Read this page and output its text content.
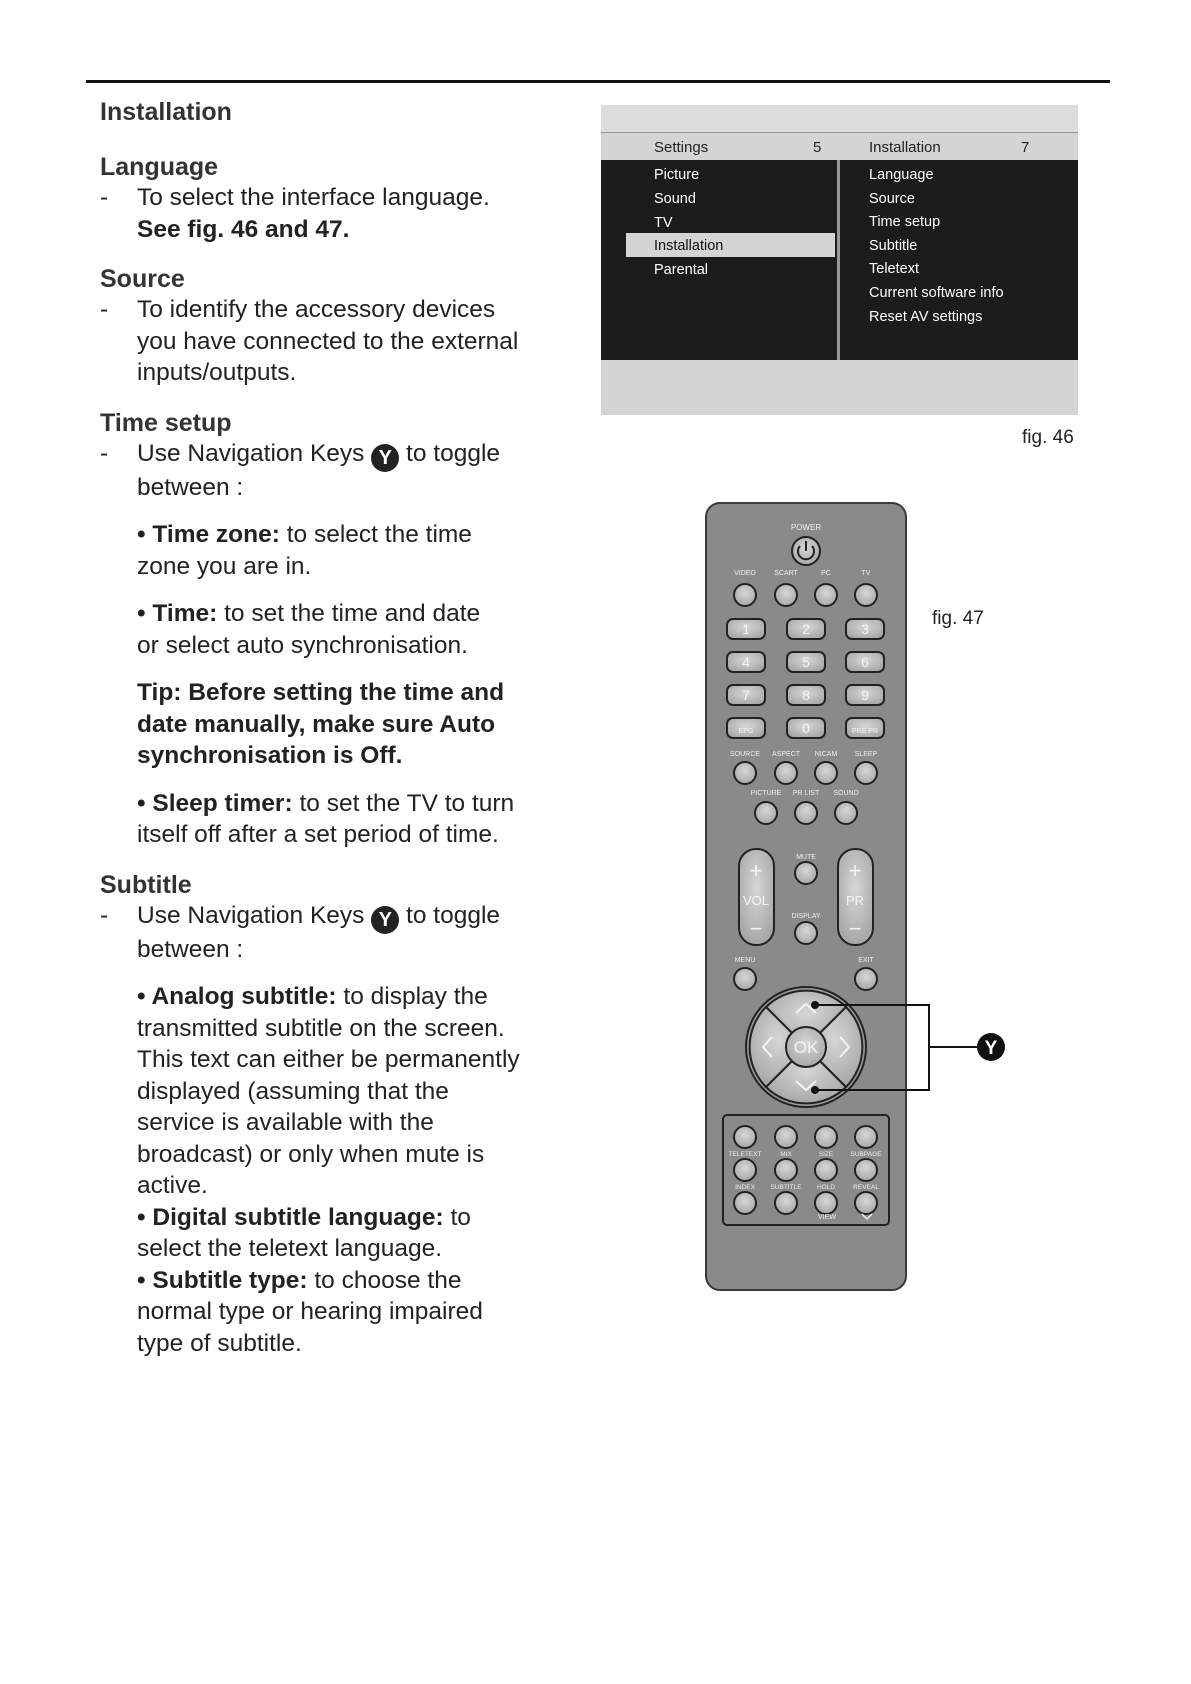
Installation
Language
- To select the interface language.
See fig. 46 and 47.
Source
- To identify the accessory devices
you have connected to the external
inputs/outputs.
Time setup
- Use Navigation Keys Y to toggle
between :
• Time zone: to select the time
zone you are in.
• Time: to set the time and date
or select auto synchronisation.
Tip: Before setting the time and
date manually, make sure Auto
synchronisation is Off.
• Sleep timer: to set the TV to turn
itself off after a set period of time.
Subtitle
- Use Navigation Keys Y to toggle
between :
• Analog subtitle: to display the
transmitted subtitle on the screen.
This text can either be permanently
displayed (assuming that the
service is available with the
broadcast) or only when mute is
active.
• Digital subtitle language: to
select the teletext language.
• Subtitle type: to choose the
normal type or hearing impaired
type of subtitle.
Settings	5	Installation	7
Picture
Sound
TV
Installation
Parental
Language
Source
Time setup
Subtitle
Teletext
Current software info
Reset AV settings
fig. 46
fig. 47
POWER
VIDEO	SCART	PC	TV
1	2	3
4	5	6
7	8	9
EPG	0	PRE PR
SOURCE ASPECT NICAM SLEEP
PICTURE PR LIST SOUND
+
VOL
−
+
PR
−
MUTE
DISPLAY
MENU	EXIT
OK	Y
TELETEXT	MIX	SIZE	SUBPAGE
INDEX SUBTITLE HOLD	REVEAL
VIEW
